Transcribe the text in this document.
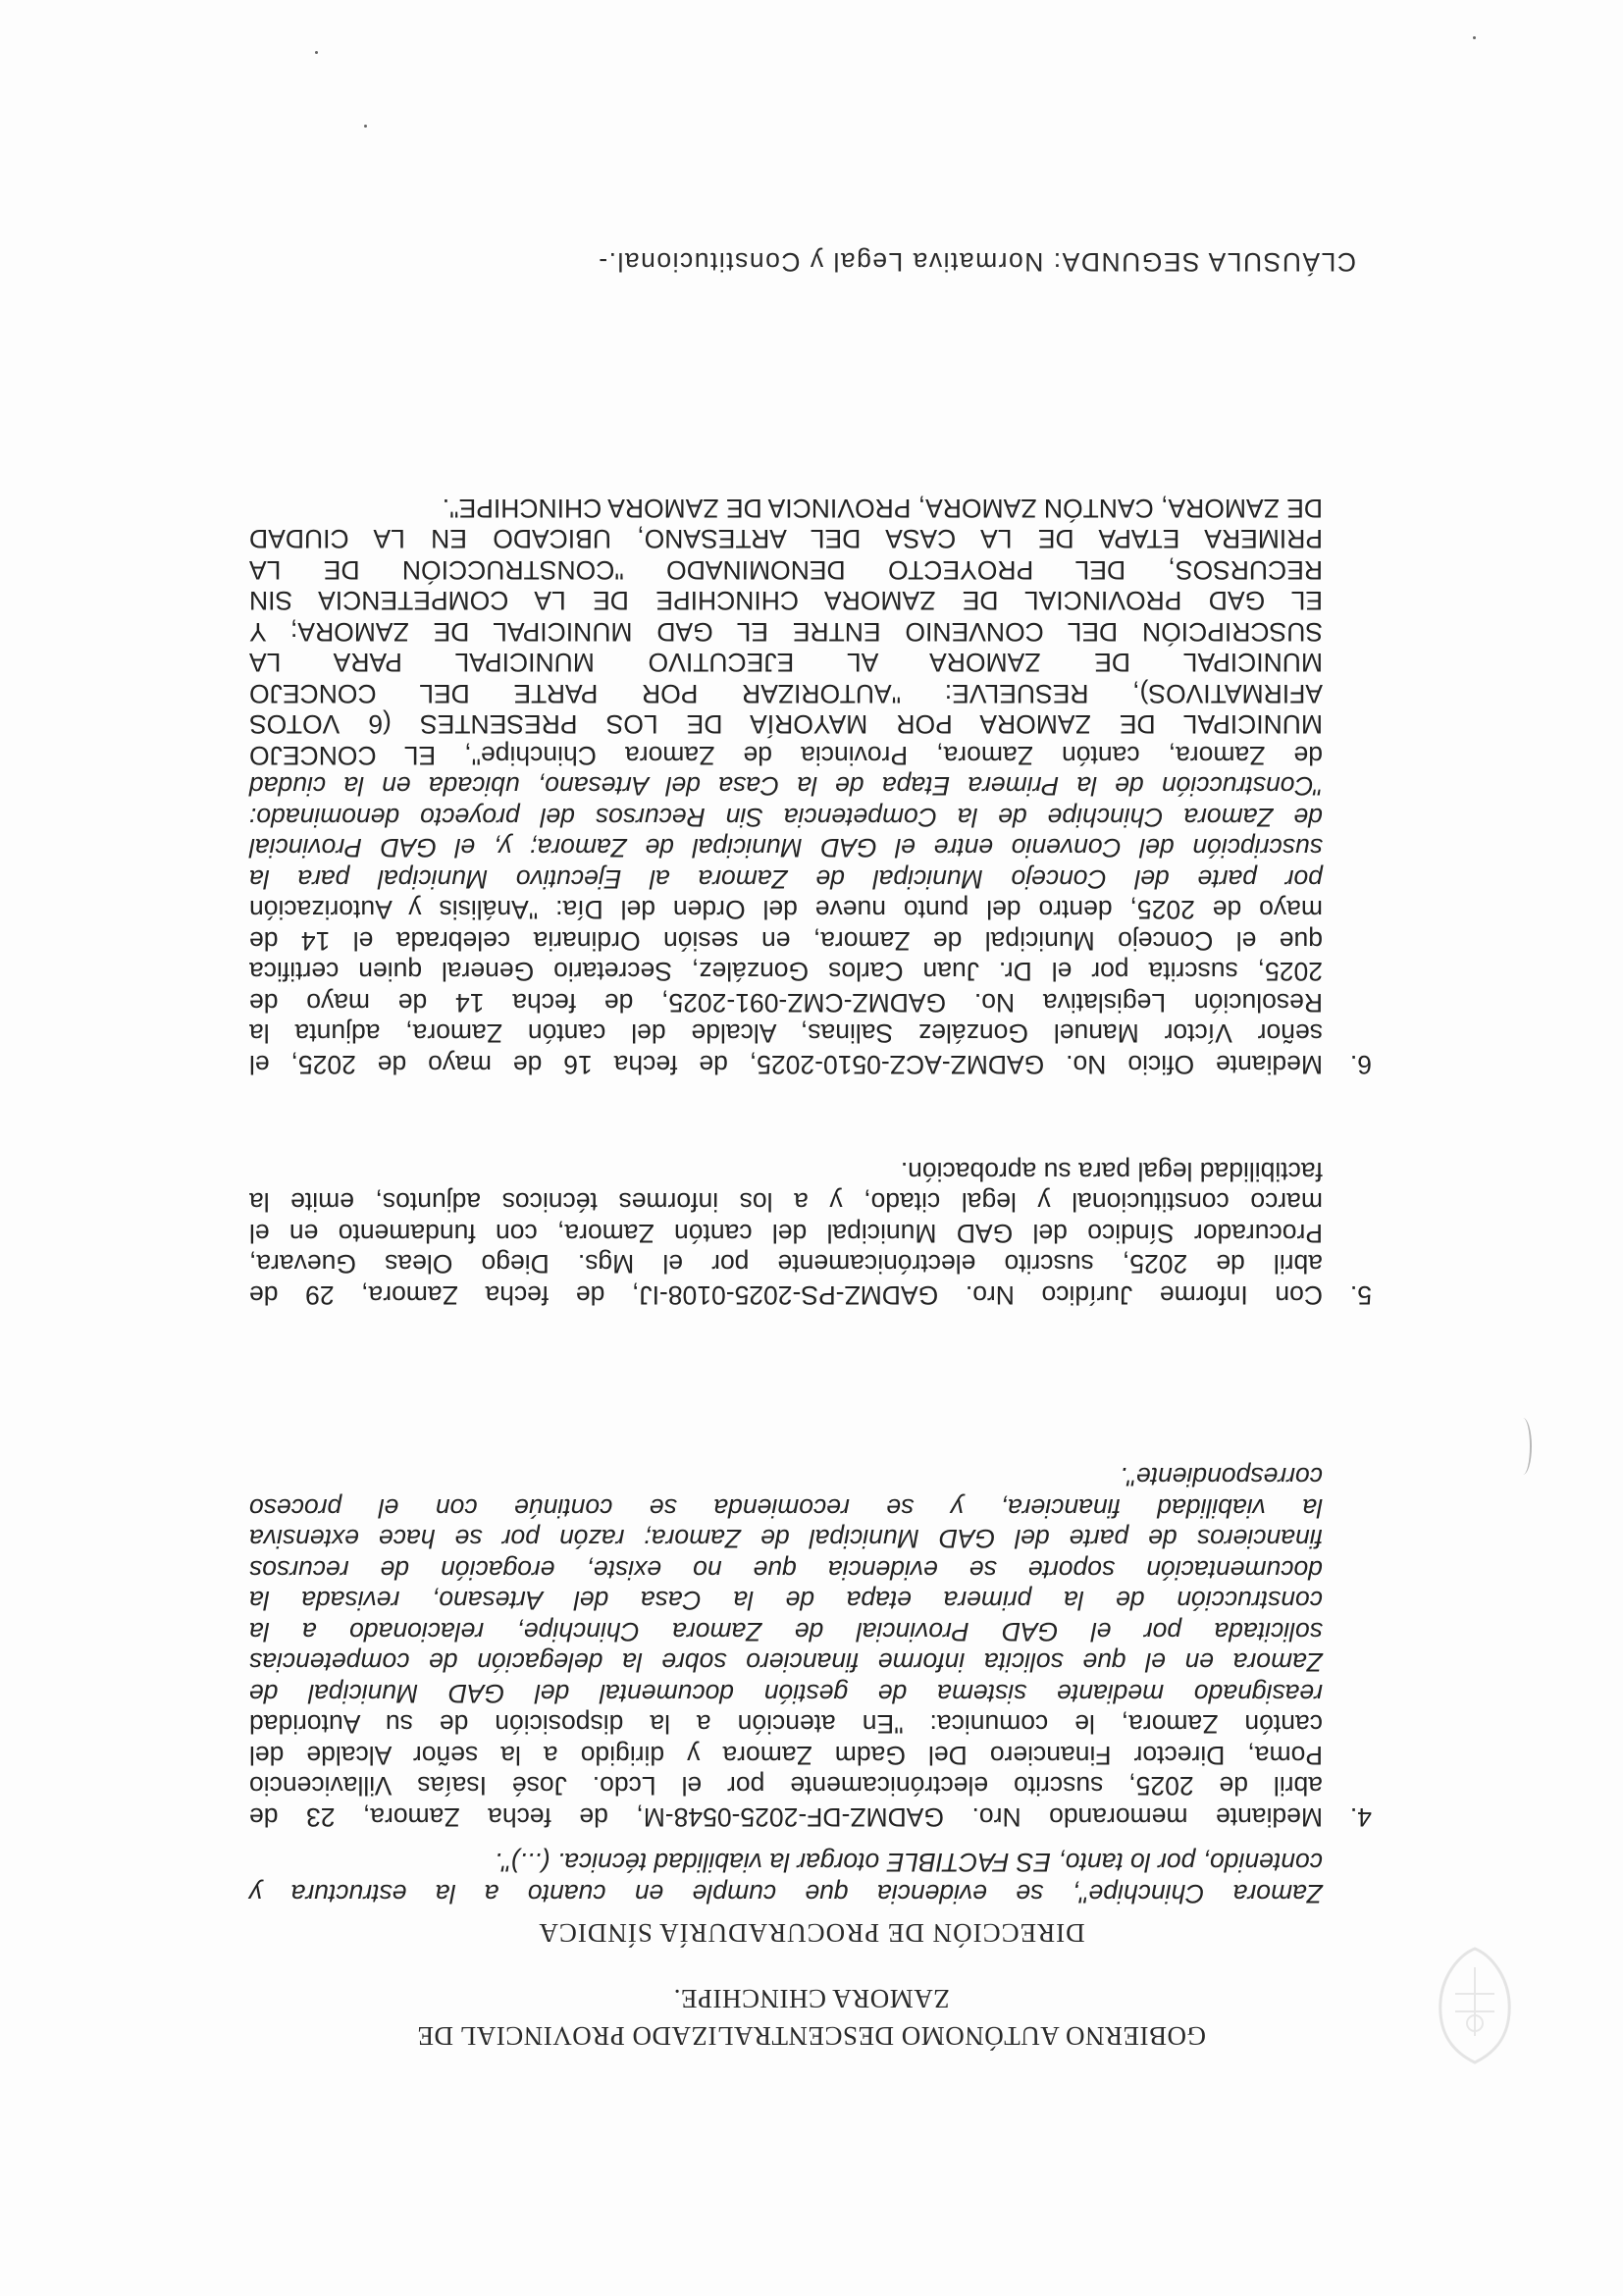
GOBIERNO AUTÓNOMO DESCENTRALIZADO PROVINCIAL DE
ZAMORA CHINCHIPE.
DIRECCIÓN DE PROCURADURÍA SÍNDICA
Zamora Chinchipe", se evidencia que cumple en cuanto a la estructura y
contenido, por lo tanto, ES FACTIBLE otorgar la viabilidad técnica. (...)".
4.
Mediante memorando Nro. GADMZ-DF-2025-0548-M, de fecha Zamora, 23 de
abril de 2025, suscrito electrónicamente por el Lcdo. José Isaías Villavicencio
Poma, Director Financiero Del Gadm Zamora y dirigido a la señor Alcalde del
cantón Zamora, le comunica: "En atención a la disposición de su Autoridad
reasignado mediante sistema de gestión documental del GAD Municipal de
Zamora en el que solicita informe financiero sobre la delegación de competencias
solicitada por el GAD Provincial de Zamora Chinchipe, relacionado a la
construcción de la primera etapa de la Casa del Artesano, revisada la
documentación soporte se evidencia que no existe, erogación de recursos
financieros de parte del GAD Municipal de Zamora; razón por se hace extensiva
la viabilidad financiera, y se recomienda se continúe con el proceso
correspondiente".
5.
Con Informe Jurídico Nro. GADMZ-PS-2025-0108-IJ, de fecha Zamora, 29 de
abril de 2025, suscrito electrónicamente por el Mgs. Diego Oleas Guevara,
Procurador Síndico del GAD Municipal del cantón Zamora, con fundamento en el
marco constitucional y legal citado, y a los informes técnicos adjuntos, emite la
factibilidad legal para su aprobación.
6.
Mediante Oficio No. GADMZ-ACZ-0510-2025, de fecha 16 de mayo de 2025, el
señor Víctor Manuel González Salinas, Alcalde del cantón Zamora, adjunta la
Resolución Legislativa No. GADMZ-CMZ-091-2025, de fecha 14 de mayo de
2025, suscrita por el Dr. Juan Carlos González, Secretario General quien certifica
que el Concejo Municipal de Zamora, en sesión Ordinaria celebrada el 14 de
mayo de 2025, dentro del punto nueve del Orden del Día: "Análisis y Autorización
por parte del Concejo Municipal de Zamora al Ejecutivo Municipal para la
suscripción del Convenio entre el GAD Municipal de Zamora; y, el GAD Provincial
de Zamora Chinchipe de la Competencia Sin Recursos del proyecto denominado:
"Construcción de la Primera Etapa de la Casa del Artesano, ubicada en la ciudad
de Zamora, cantón Zamora, Provincia de Zamora Chinchipe", EL CONCEJO
MUNICIPAL DE ZAMORA POR MAYORÍA DE LOS PRESENTES (6 VOTOS
AFIRMATIVOS), RESUELVE: "AUTORIZAR POR PARTE DEL CONCEJO
MUNICIPAL DE ZAMORA AL EJECUTIVO MUNICIPAL PARA LA
SUSCRIPCIÓN DEL CONVENIO ENTRE EL GAD MUNICIPAL DE ZAMORA; Y
EL GAD PROVINCIAL DE ZAMORA CHINCHIPE DE LA COMPETENCIA SIN
RECURSOS, DEL PROYECTO DENOMINADO "CONSTRUCCIÓN DE LA
PRIMERA ETAPA DE LA CASA DEL ARTESANO, UBICADO EN LA CIUDAD
DE ZAMORA, CANTÓN ZAMORA, PROVINCIA DE ZAMORA CHINCHIPE".
CLÁUSULA SEGUNDA: Normativa Legal y Constitucional.-
